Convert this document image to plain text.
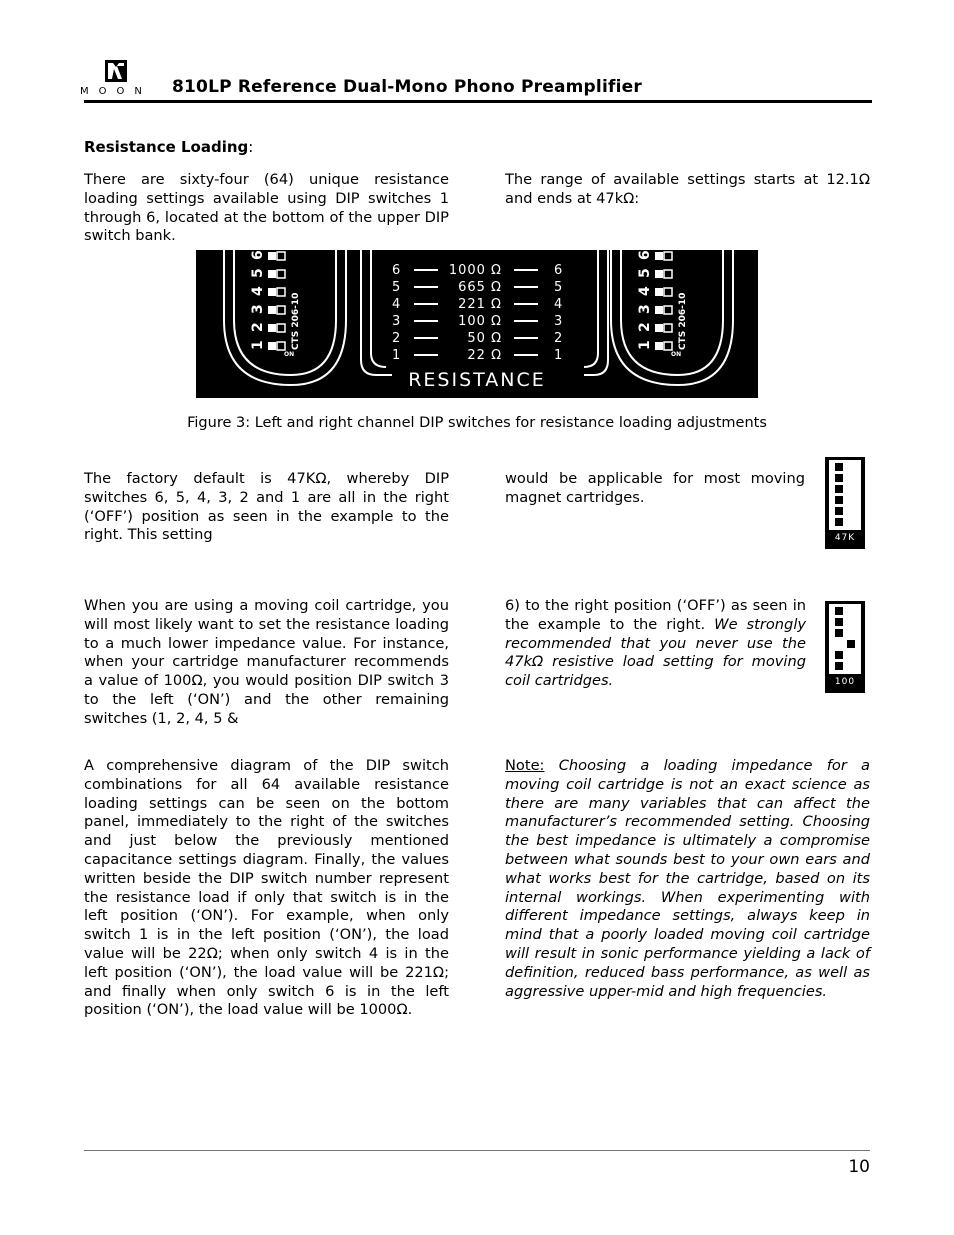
MOON 810LP Reference Dual-Mono Phono Preamplifier
Resistance Loading:
There are sixty-four (64) unique resistance loading settings available using DIP switches 1 through 6, located at the bottom of the upper DIP switch bank.
The range of available settings starts at 12.1Ω and ends at 47kΩ:
1
2
3
4
5
6
CTS 206-10
ON
6	1000 Ω	6
5	665 Ω	5
4	221 Ω	4
3	100 Ω	3
2	50 Ω	2
1	22 Ω	1
1
2
3
4
5
6
CTS 206-10
ON
RESISTANCE
Figure 3: Left and right channel DIP switches for resistance loading adjustments
The factory default is 47KΩ, whereby DIP switches 6, 5, 4, 3, 2 and 1 are all in the right (‘OFF’) position as seen in the example to the right. This setting
would be applicable for most moving magnet cartridges.
47K
When you are using a moving coil cartridge, you will most likely want to set the resistance loading to a much lower impedance value. For instance, when your cartridge manufacturer recommends a value of 100Ω, you would position DIP switch 3 to the left (‘ON’) and the other remaining switches (1, 2, 4, 5 &
6) to the right position (‘OFF’) as seen in the example to the right. We strongly recommended that you never use the 47kΩ resistive load setting for moving coil cartridges.	100
A comprehensive diagram of the DIP switch combinations for all 64 available resistance loading settings can be seen on the bottom panel, immediately to the right of the switches and just below the previously mentioned capacitance settings diagram. Finally, the values written beside the DIP switch number represent the resistance load if only that switch is in the left position (‘ON’). For example, when only switch 1 is in the left position (‘ON’), the load value will be 22Ω; when only switch 4 is in the left position (‘ON’), the load value will be 221Ω; and finally when only switch 6 is in the left position (‘ON’), the load value will be 1000Ω.
Note: Choosing a loading impedance for a moving coil cartridge is not an exact science as there are many variables that can affect the manufacturer’s recommended setting. Choosing the best impedance is ultimately a compromise between what sounds best to your own ears and what works best for the cartridge, based on its internal workings. When experimenting with different impedance settings, always keep in mind that a poorly loaded moving coil cartridge will result in sonic performance yielding a lack of definition, reduced bass performance, as well as aggressive upper-mid and high frequencies.
10
